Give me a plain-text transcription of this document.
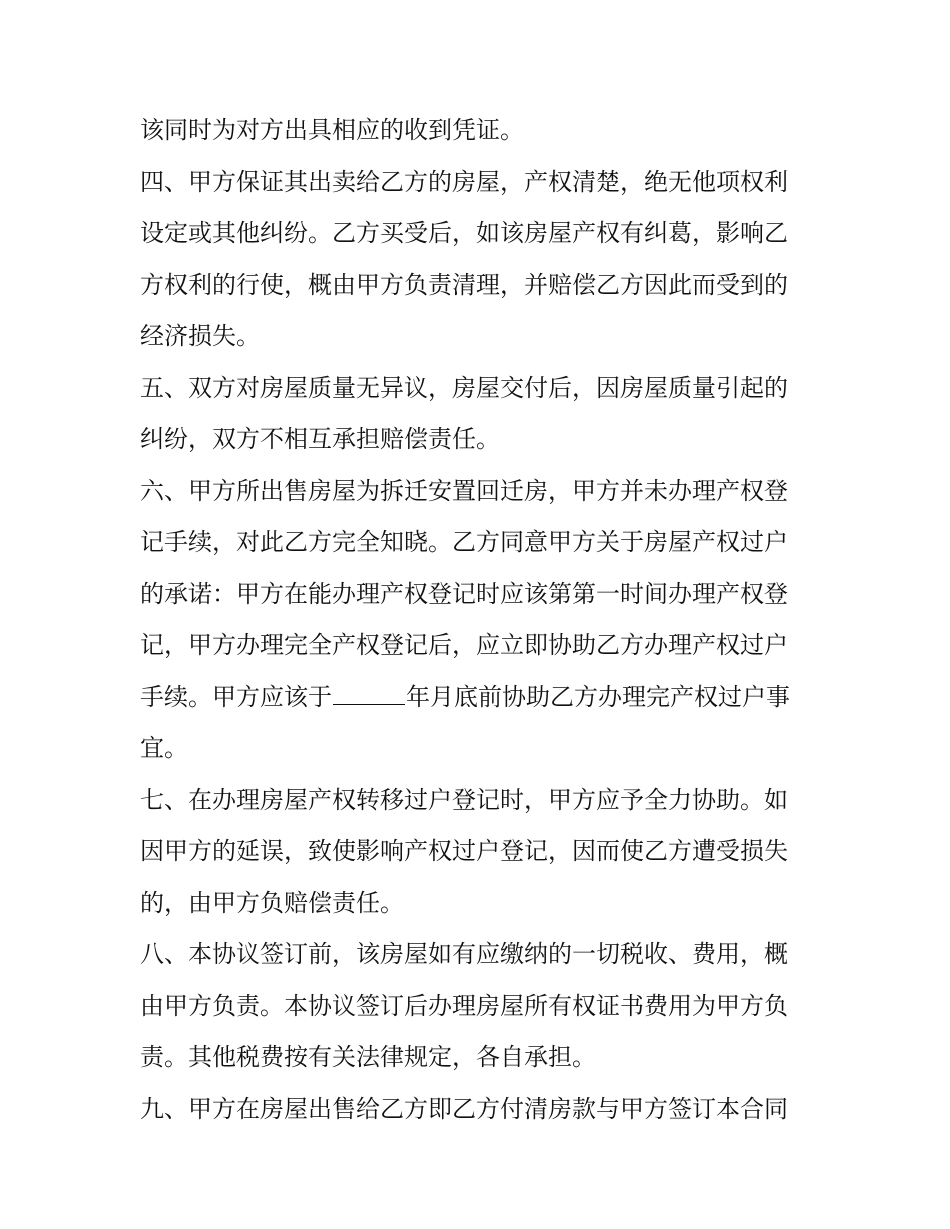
该同时为对方出具相应的收到凭证。
四、甲方保证其出卖给乙方的房屋，产权清楚，绝无他项权利
设定或其他纠纷。乙方买受后，如该房屋产权有纠葛，影响乙
方权利的行使，概由甲方负责清理，并赔偿乙方因此而受到的
经济损失。
五、双方对房屋质量无异议，房屋交付后，因房屋质量引起的
纠纷，双方不相互承担赔偿责任。
六、甲方所出售房屋为拆迁安置回迁房，甲方并未办理产权登
记手续，对此乙方完全知晓。乙方同意甲方关于房屋产权过户
的承诺：甲方在能办理产权登记时应该第第一时间办理产权登
记，甲方办理完全产权登记后，应立即协助乙方办理产权过户
手续。甲方应该于	年月底前协助乙方办理完产权过户事
宜。
七、在办理房屋产权转移过户登记时，甲方应予全力协助。如
因甲方的延误，致使影响产权过户登记，因而使乙方遭受损失
的，由甲方负赔偿责任。
八、本协议签订前，该房屋如有应缴纳的一切税收、费用，概
由甲方负责。本协议签订后办理房屋所有权证书费用为甲方负
责。其他税费按有关法律规定，各自承担。
九、甲方在房屋出售给乙方即乙方付清房款与甲方签订本合同
